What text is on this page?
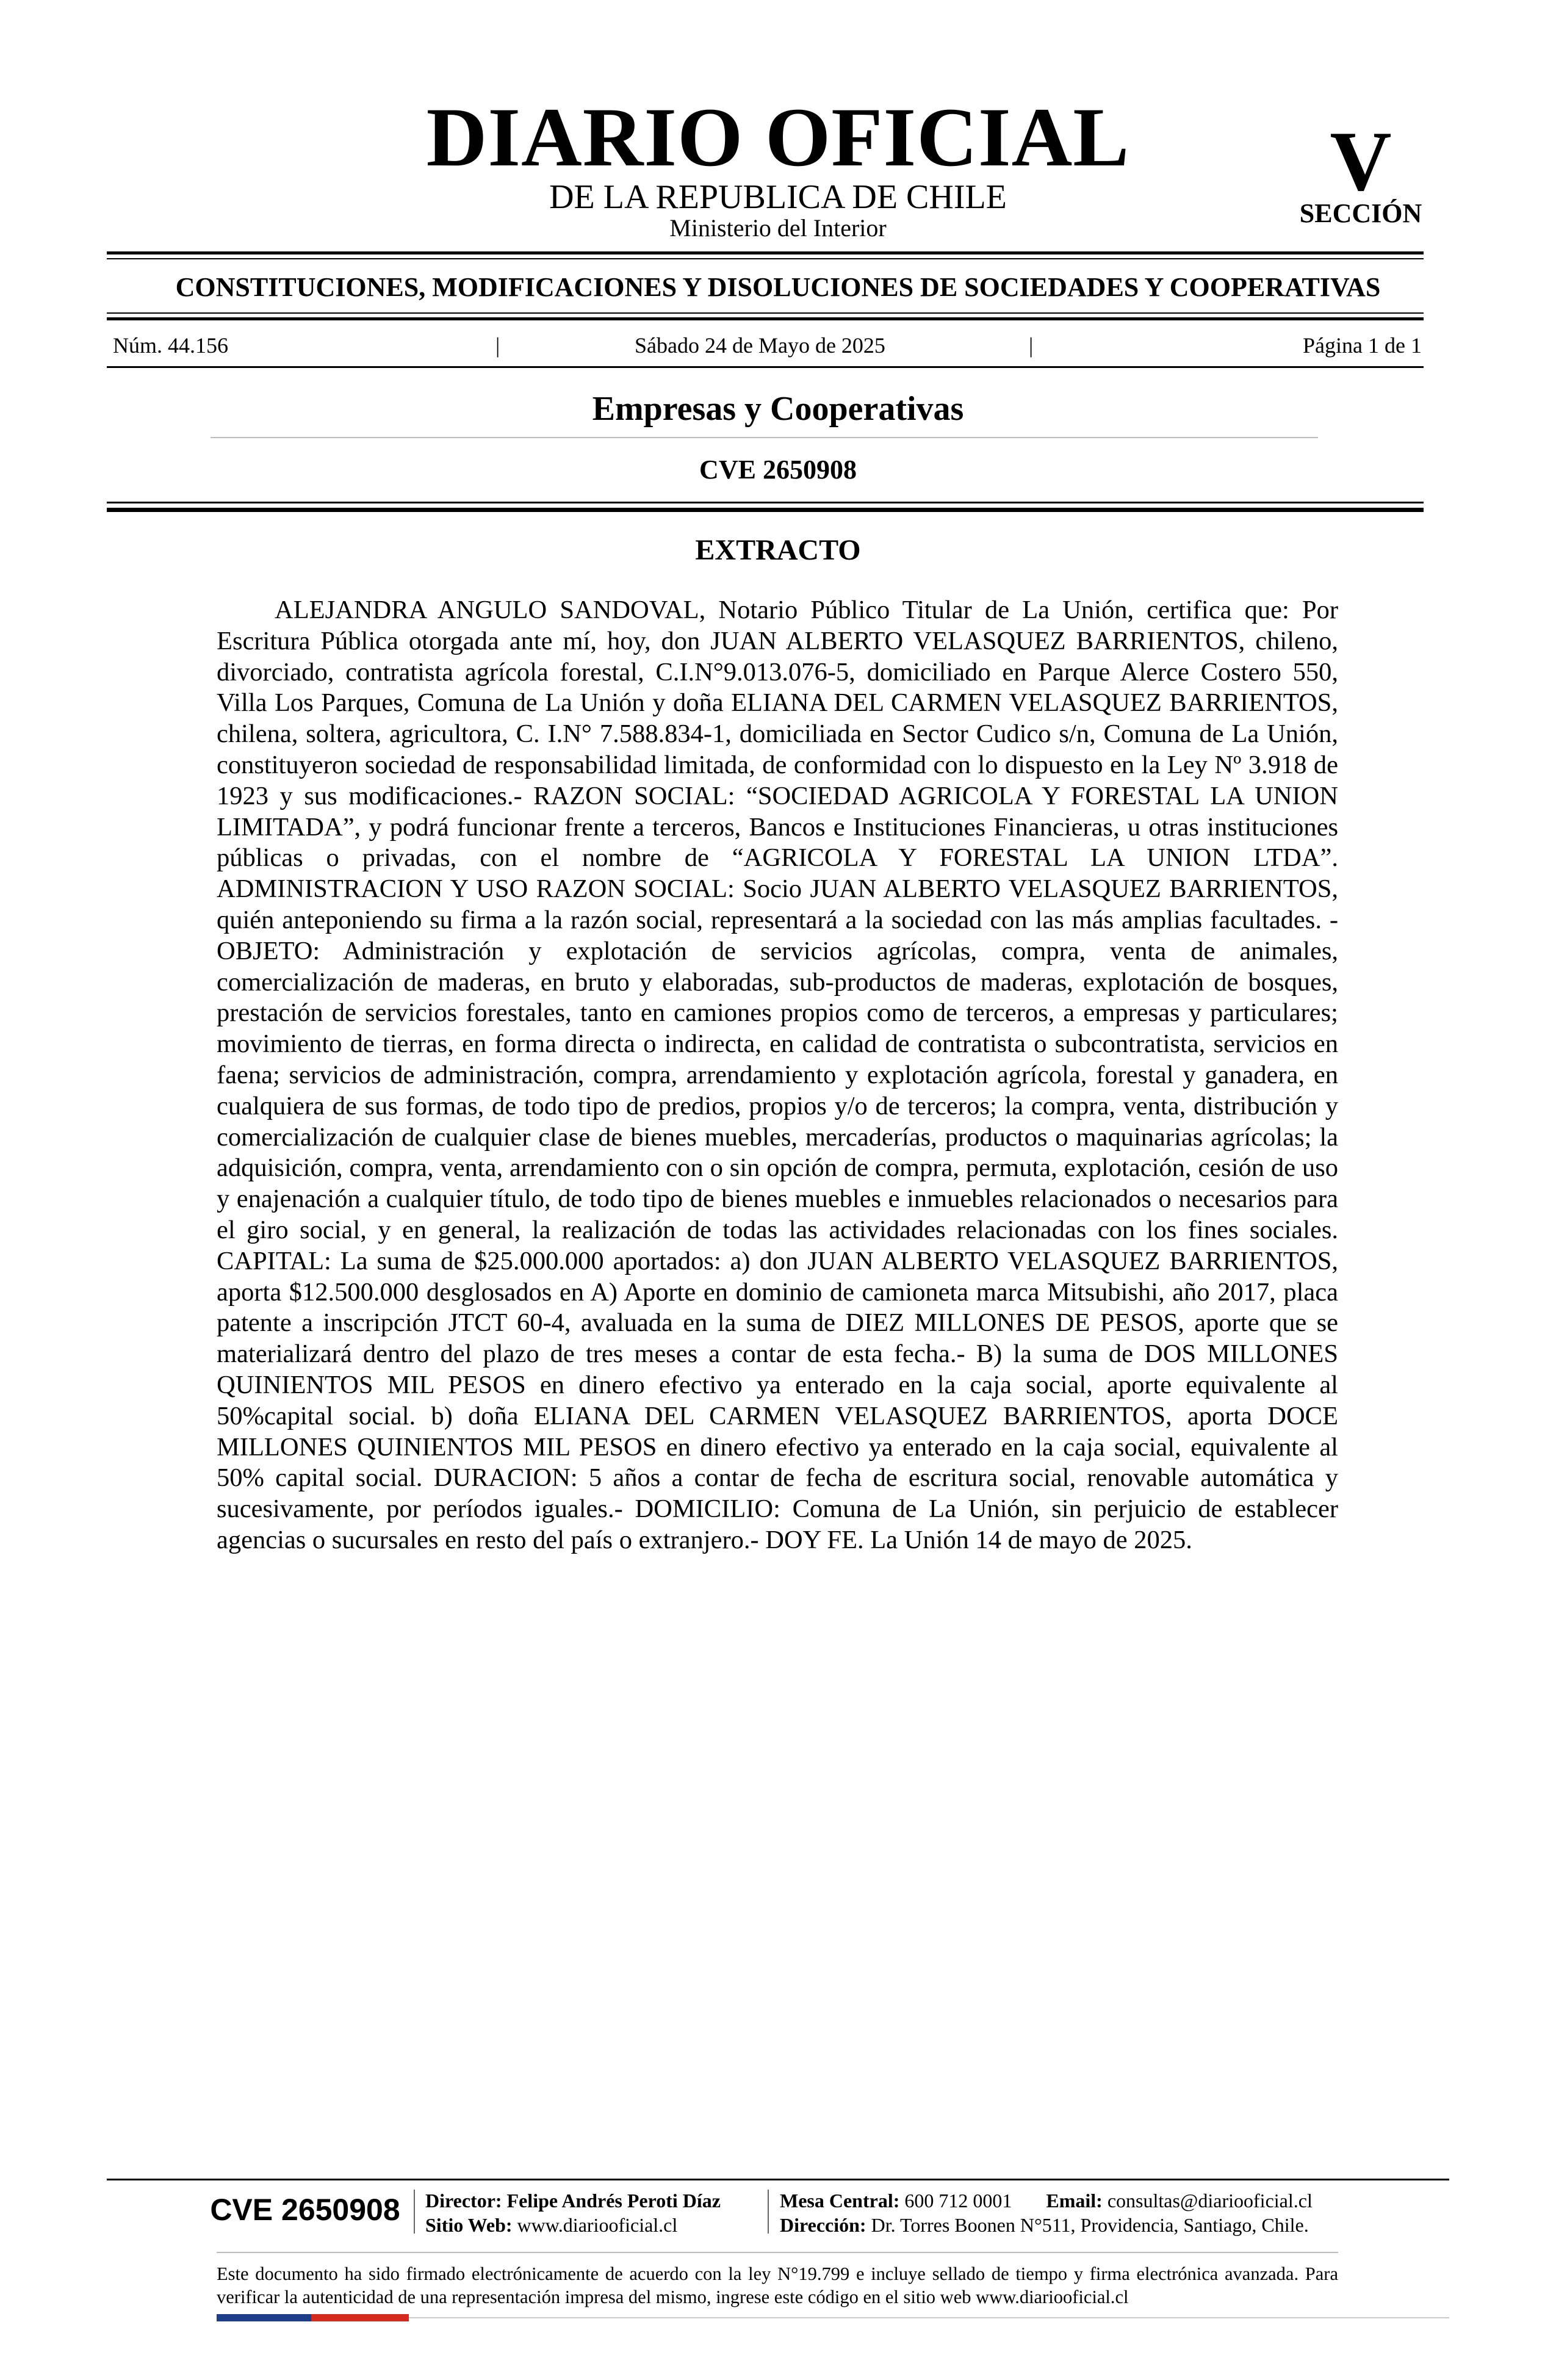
DIARIO OFICIAL
DE LA REPUBLICA DE CHILE
Ministerio del Interior
V
SECCIÓN
CONSTITUCIONES, MODIFICACIONES Y DISOLUCIONES DE SOCIEDADES Y COOPERATIVAS
Núm. 44.156	|	Sábado 24 de Mayo de 2025	|	Página 1 de 1
Empresas y Cooperativas
CVE 2650908
EXTRACTO
ALEJANDRA ANGULO SANDOVAL, Notario Público Titular de La Unión, certifica que: Por Escritura Pública otorgada ante mí, hoy, don JUAN ALBERTO VELASQUEZ BARRIENTOS, chileno, divorciado, contratista agrícola forestal, C.I.N°9.013.076-5, domiciliado en Parque Alerce Costero 550, Villa Los Parques, Comuna de La Unión y doña ELIANA DEL CARMEN VELASQUEZ BARRIENTOS, chilena, soltera, agricultora, C. I.N° 7.588.834-1, domiciliada en Sector Cudico s/n, Comuna de La Unión, constituyeron sociedad de responsabilidad limitada, de conformidad con lo dispuesto en la Ley Nº 3.918 de 1923 y sus modificaciones.- RAZON SOCIAL: “SOCIEDAD AGRICOLA Y FORESTAL LA UNION LIMITADA”, y podrá funcionar frente a terceros, Bancos e Instituciones Financieras, u otras instituciones públicas o privadas, con el nombre de “AGRICOLA Y FORESTAL LA UNION LTDA”. ADMINISTRACION Y USO RAZON SOCIAL: Socio JUAN ALBERTO VELASQUEZ BARRIENTOS, quién anteponiendo su firma a la razón social, representará a la sociedad con las más amplias facultades. - OBJETO: Administración y explotación de servicios agrícolas, compra, venta de animales, comercialización de maderas, en bruto y elaboradas, sub-productos de maderas, explotación de bosques, prestación de servicios forestales, tanto en camiones propios como de terceros, a empresas y particulares; movimiento de tierras, en forma directa o indirecta, en calidad de contratista o subcontratista, servicios en faena; servicios de administración, compra, arrendamiento y explotación agrícola, forestal y ganadera, en cualquiera de sus formas, de todo tipo de predios, propios y/o de terceros; la compra, venta, distribución y comercialización de cualquier clase de bienes muebles, mercaderías, productos o maquinarias agrícolas; la adquisición, compra, venta, arrendamiento con o sin opción de compra, permuta, explotación, cesión de uso y enajenación a cualquier título, de todo tipo de bienes muebles e inmuebles relacionados o necesarios para el giro social, y en general, la realización de todas las actividades relacionadas con los fines sociales. CAPITAL: La suma de $25.000.000 aportados: a) don JUAN ALBERTO VELASQUEZ BARRIENTOS, aporta $12.500.000 desglosados en A) Aporte en dominio de camioneta marca Mitsubishi, año 2017, placa patente a inscripción JTCT 60-4, avaluada en la suma de DIEZ MILLONES DE PESOS, aporte que se materializará dentro del plazo de tres meses a contar de esta fecha.- B) la suma de DOS MILLONES QUINIENTOS MIL PESOS en dinero efectivo ya enterado en la caja social, aporte equivalente al 50%capital social. b) doña ELIANA DEL CARMEN VELASQUEZ BARRIENTOS, aporta DOCE MILLONES QUINIENTOS MIL PESOS en dinero efectivo ya enterado en la caja social, equivalente al 50% capital social. DURACION: 5 años a contar de fecha de escritura social, renovable automática y sucesivamente, por períodos iguales.- DOMICILIO: Comuna de La Unión, sin perjuicio de establecer agencias o sucursales en resto del país o extranjero.- DOY FE. La Unión 14 de mayo de 2025.
CVE 2650908	Director: Felipe Andrés Peroti Díaz
Sitio Web: www.diariooficial.cl
Mesa Central: 600 712 0001 Email: consultas@diariooficial.cl
Dirección: Dr. Torres Boonen N°511, Providencia, Santiago, Chile.
Este documento ha sido firmado electrónicamente de acuerdo con la ley N°19.799 e incluye sellado de tiempo y firma electrónica avanzada. Para verificar la autenticidad de una representación impresa del mismo, ingrese este código en el sitio web www.diariooficial.cl
